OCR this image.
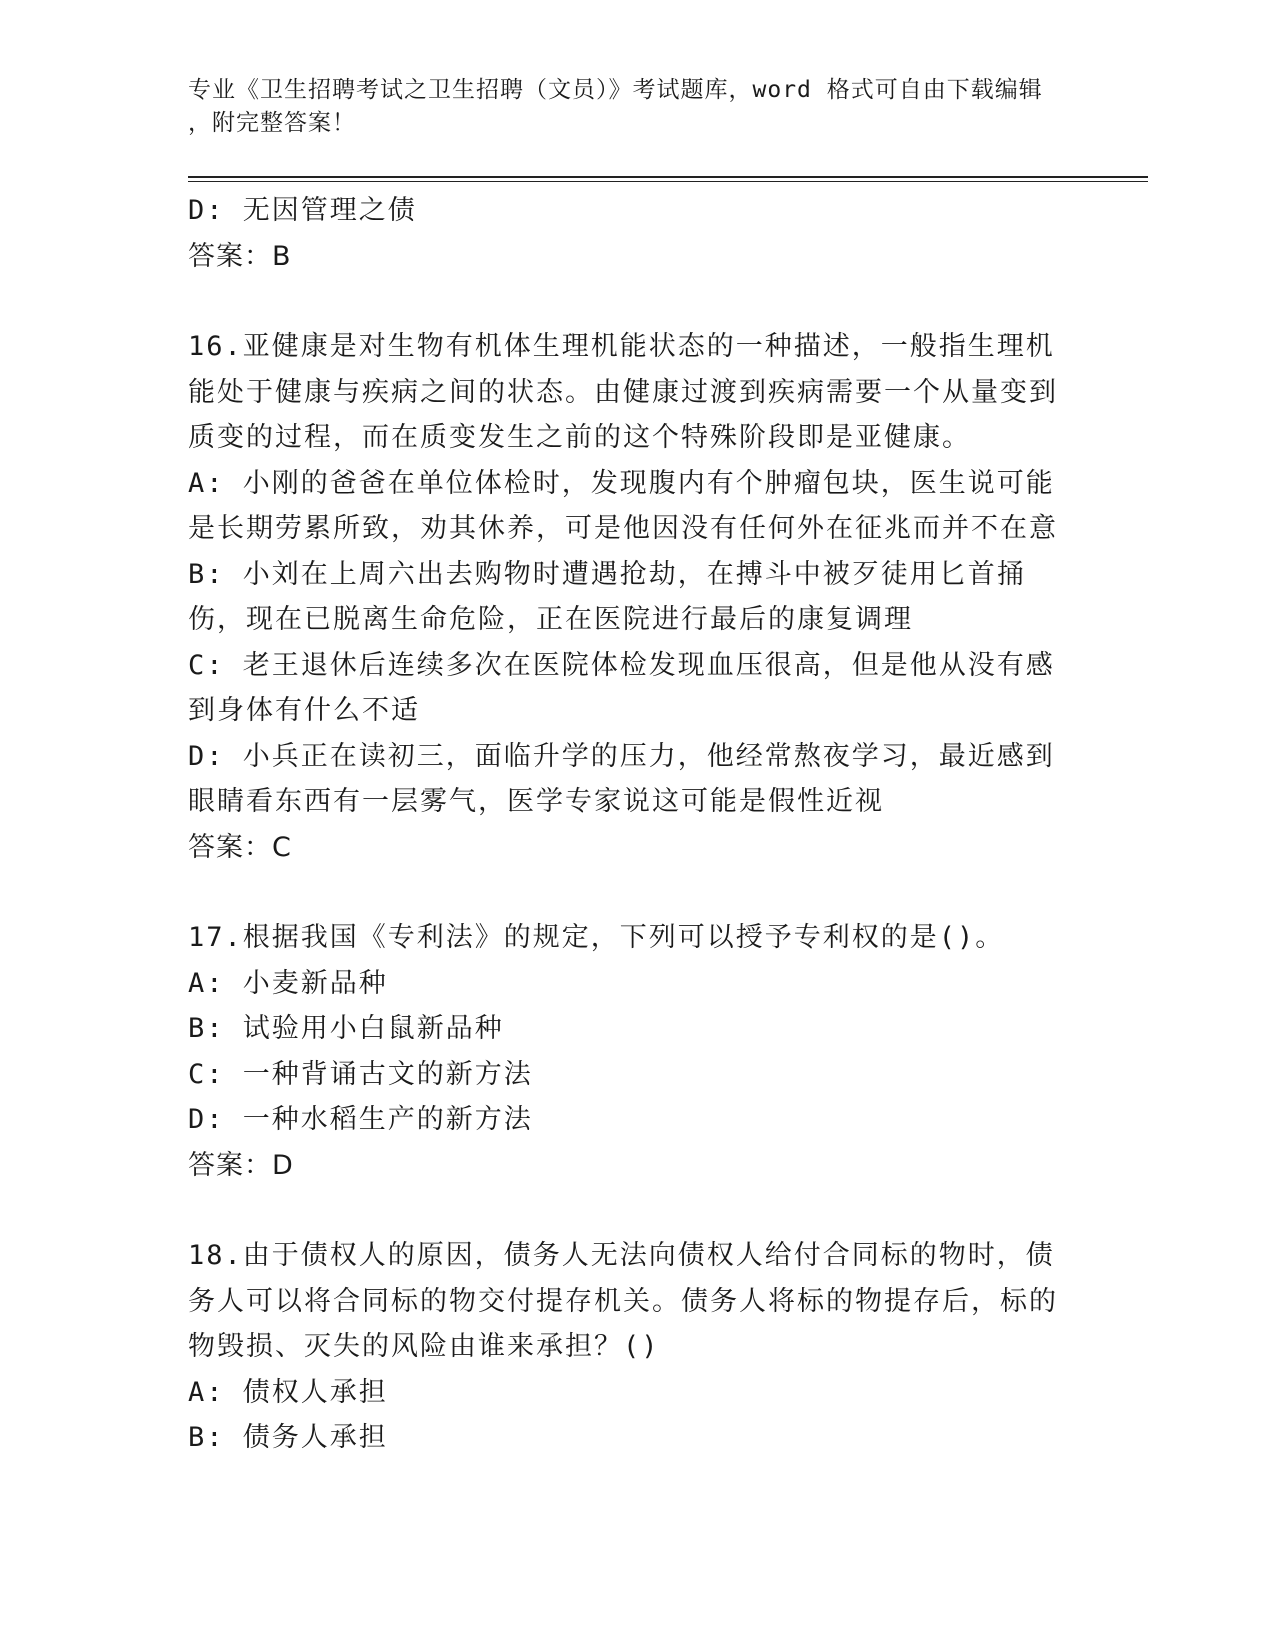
专业《卫生招聘考试之卫生招聘（文员）》考试题库，word 格式可自由下载编辑
，附完整答案！
D: 无因管理之债
答案：B
16.亚健康是对生物有机体生理机能状态的一种描述，一般指生理机能处于健康与疾病之间的状态。由健康过渡到疾病需要一个从量变到质变的过程，而在质变发生之前的这个特殊阶段即是亚健康。
A: 小刚的爸爸在单位体检时，发现腹内有个肿瘤包块，医生说可能是长期劳累所致，劝其休养，可是他因没有任何外在征兆而并不在意
B: 小刘在上周六出去购物时遭遇抢劫，在搏斗中被歹徒用匕首捅伤，现在已脱离生命危险，正在医院进行最后的康复调理
C: 老王退休后连续多次在医院体检发现血压很高，但是他从没有感到身体有什么不适
D: 小兵正在读初三，面临升学的压力，他经常熬夜学习，最近感到眼睛看东西有一层雾气，医学专家说这可能是假性近视
答案：C
17.根据我国《专利法》的规定，下列可以授予专利权的是()。
A: 小麦新品种
B: 试验用小白鼠新品种
C: 一种背诵古文的新方法
D: 一种水稻生产的新方法
答案：D
18.由于债权人的原因，债务人无法向债权人给付合同标的物时，债务人可以将合同标的物交付提存机关。债务人将标的物提存后，标的物毁损、灭失的风险由谁来承担？()
A: 债权人承担
B: 债务人承担
